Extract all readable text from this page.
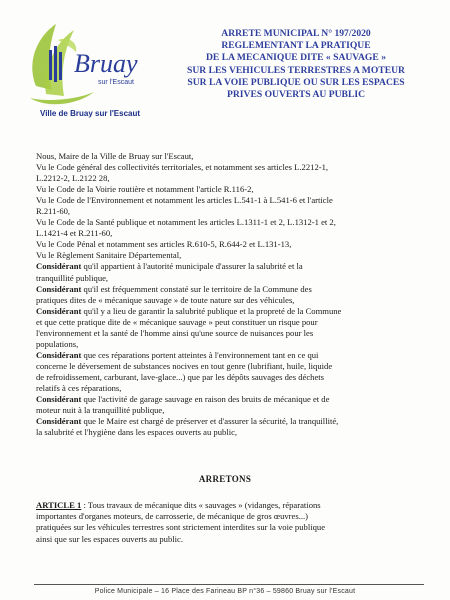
Bruay
sur l'Escaut
Ville de Bruay sur l'Escaut
ARRETE MUNICIPAL N° 197/2020
REGLEMENTANT LA PRATIQUE
DE LA MECANIQUE DITE « SAUVAGE »
SUR LES VEHICULES TERRESTRES A MOTEUR
SUR LA VOIE PUBLIQUE OU SUR LES ESPACES
PRIVES OUVERTS AU PUBLIC
Nous, Maire de la Ville de Bruay sur l'Escaut,
Vu le Code général des collectivités territoriales, et notamment ses articles L.2212-1,
L.2212-2, L.2122 28,
Vu le Code de la Voirie routière et notamment l'article R.116-2,
Vu le Code de l'Environnement et notamment les articles L.541-1 à L.541-6 et l'article
R.211-60,
Vu le Code de la Santé publique et notamment les articles L.1311-1 et 2, L.1312-1 et 2,
L.1421-4 et R.211-60,
Vu le Code Pénal et notamment ses articles R.610-5, R.644-2 et L.131-13,
Vu le Règlement Sanitaire Départemental,
Considérant qu'il appartient à l'autorité municipale d'assurer la salubrité et la
tranquillité publique,
Considérant qu'il est fréquemment constaté sur le territoire de la Commune des
pratiques dites de « mécanique sauvage » de toute nature sur des véhicules,
Considérant qu'il y a lieu de garantir la salubrité publique et la propreté de la Commune
et que cette pratique dite de « mécanique sauvage » peut constituer un risque pour
l'environnement et la santé de l'homme ainsi qu'une source de nuisances pour les
populations,
Considérant que ces réparations portent atteintes à l'environnement tant en ce qui
concerne le déversement de substances nocives en tout genre (lubrifiant, huile, liquide
de refroidissement, carburant, lave-glace...) que par les dépôts sauvages des déchets
relatifs à ces réparations,
Considérant que l'activité de garage sauvage en raison des bruits de mécanique et de
moteur nuit à la tranquillité publique,
Considérant que le Maire est chargé de préserver et d'assurer la sécurité, la tranquillité,
la salubrité et l'hygiène dans les espaces ouverts au public,
ARRETONS
ARTICLE 1 : Tous travaux de mécanique dits « sauvages » (vidanges, réparations
importantes d'organes moteurs, de carrosserie, de mécanique de gros œuvres...)
pratiquées sur les véhicules terrestres sont strictement interdites sur la voie publique
ainsi que sur les espaces ouverts au public.
Police Municipale – 16 Place des Farineau BP n°36 – 59860 Bruay sur l'Escaut
